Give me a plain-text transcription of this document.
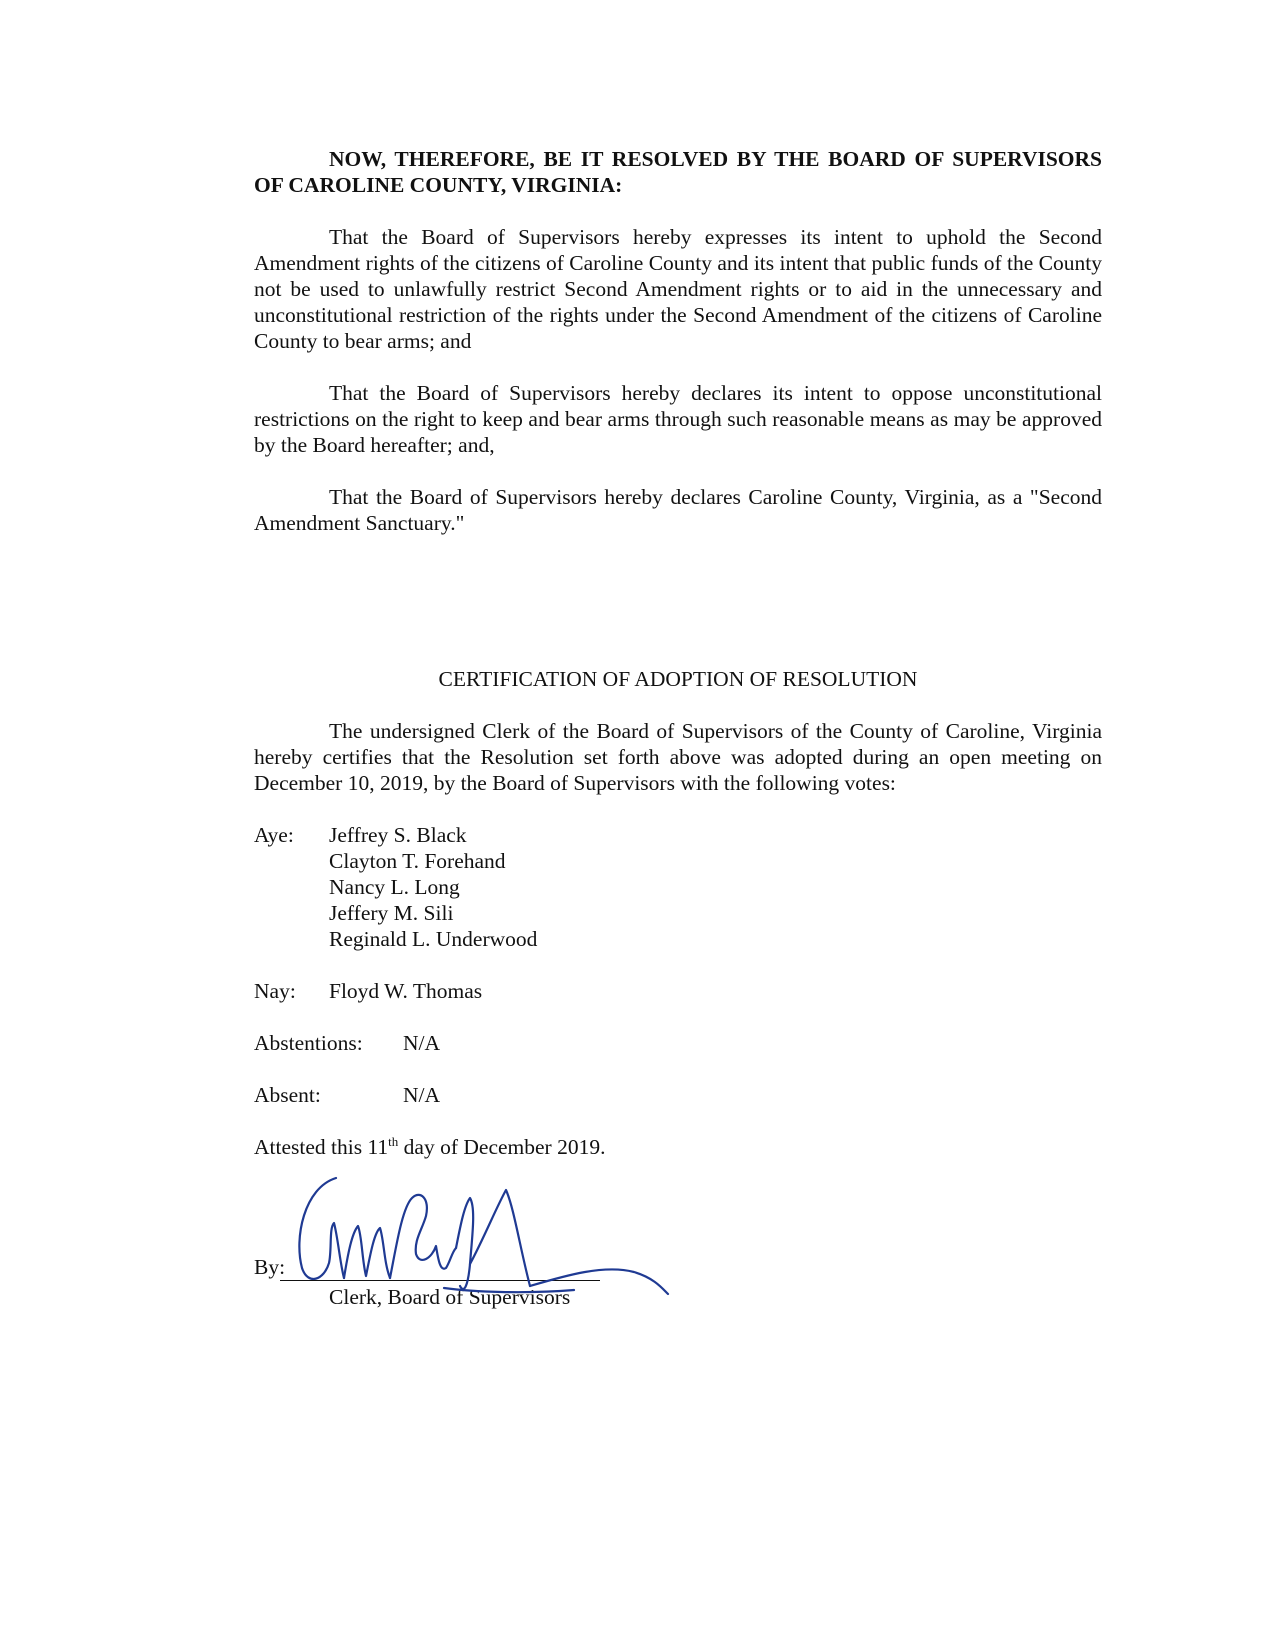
NOW, THEREFORE, BE IT RESOLVED BY THE BOARD OF SUPERVISORS OF CAROLINE COUNTY, VIRGINIA:

That the Board of Supervisors hereby expresses its intent to uphold the Second Amendment rights of the citizens of Caroline County and its intent that public funds of the County not be used to unlawfully restrict Second Amendment rights or to aid in the unnecessary and unconstitutional restriction of the rights under the Second Amendment of the citizens of Caroline County to bear arms; and

That the Board of Supervisors hereby declares its intent to oppose unconstitutional restrictions on the right to keep and bear arms through such reasonable means as may be approved by the Board hereafter; and,

That the Board of Supervisors hereby declares Caroline County, Virginia, as a "Second Amendment Sanctuary."

CERTIFICATION OF ADOPTION OF RESOLUTION

The undersigned Clerk of the Board of Supervisors of the County of Caroline, Virginia hereby certifies that the Resolution set forth above was adopted during an open meeting on December 10, 2019, by the Board of Supervisors with the following votes:

Aye:	Jeffrey S. Black
Clayton T. Forehand
Nancy L. Long
Jeffery M. Sili
Reginald L. Underwood
Nay:	Floyd W. Thomas
Abstentions:	N/A
Absent:	N/A

Attested this 11th day of December 2019.

By:
Clerk, Board of Supervisors
